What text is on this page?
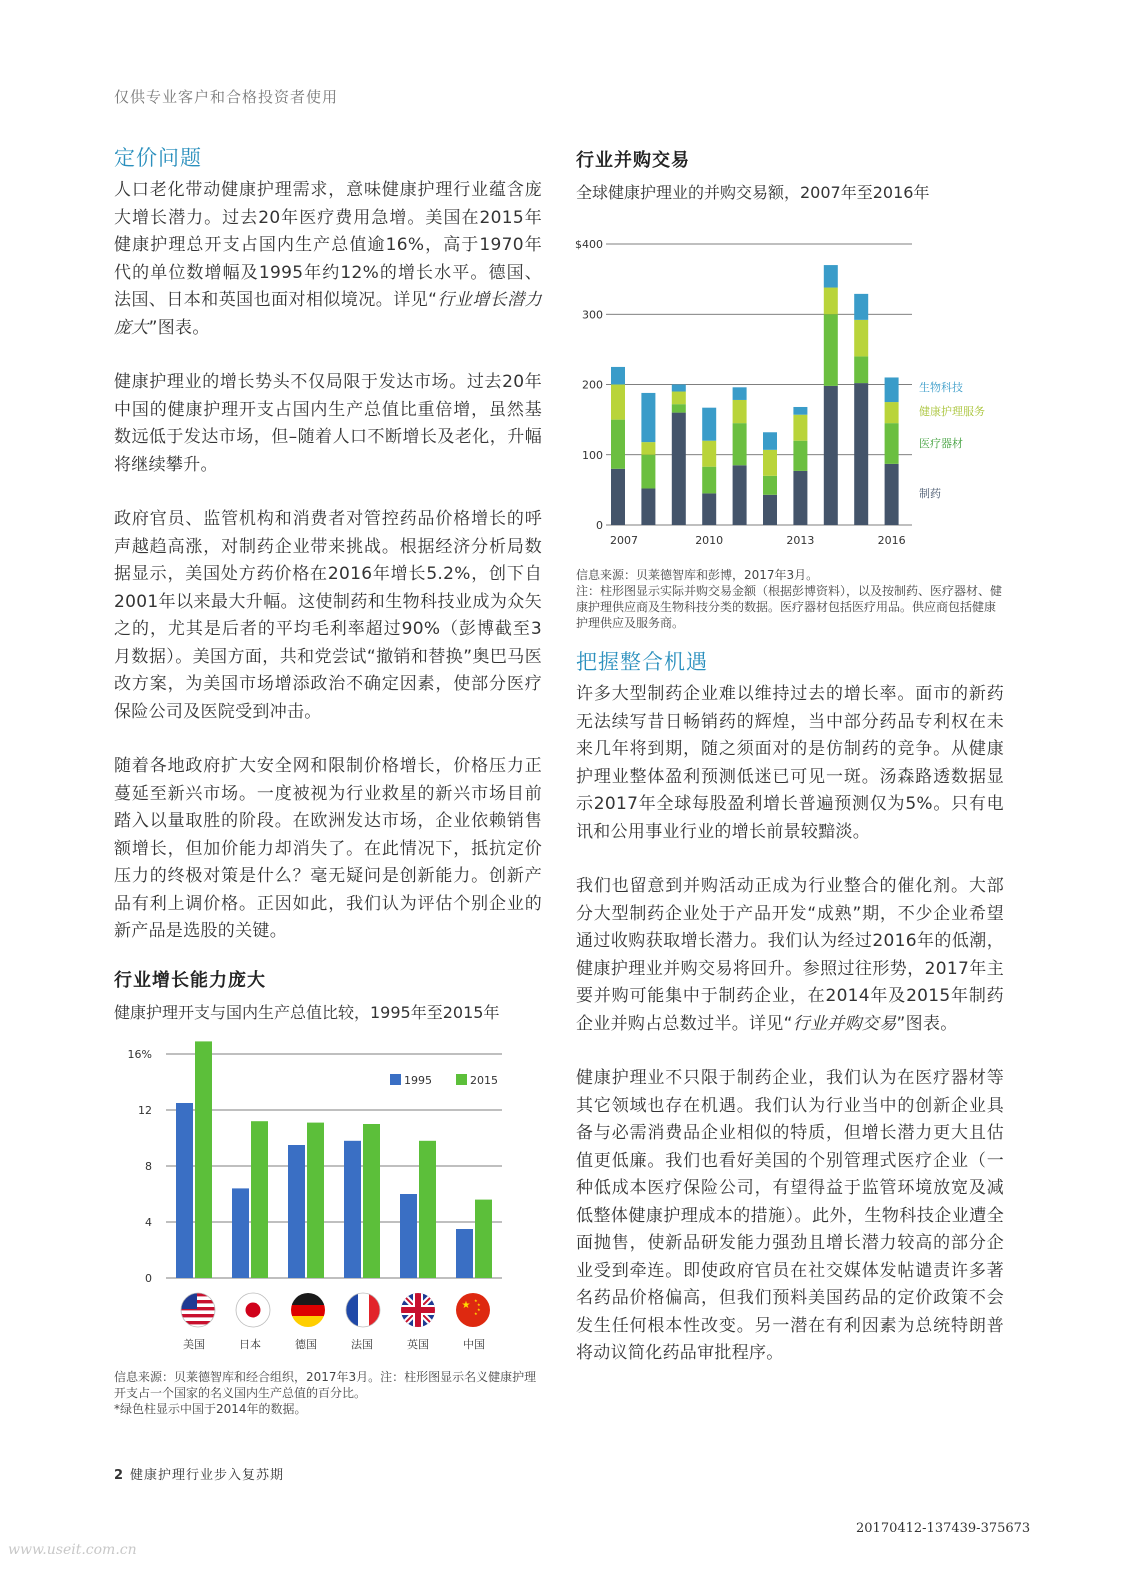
仅供专业客户和合格投资者使用
定价问题

人口老化带动健康护理需求，意味健康护理行业蕴含庞大增长潜力。过去20年医疗费用急增。美国在2015年健康护理总开支占国内生产总值逾16%，高于1970年代的单位数增幅及1995年约12%的增长水平。德国、法国、日本和英国也面对相似境况。详见“行业增长潜力庞大”图表。

健康护理业的增长势头不仅局限于发达市场。过去20年中国的健康护理开支占国内生产总值比重倍增，虽然基数远低于发达市场，但–随着人口不断增长及老化，升幅将继续攀升。

政府官员、监管机构和消费者对管控药品价格增长的呼声越趋高涨，对制药企业带来挑战。根据经济分析局数据显示，美国处方药价格在2016年增长5.2%，创下自2001年以来最大升幅。这使制药和生物科技业成为众矢之的，尤其是后者的平均毛利率超过90%（彭博截至3月数据）。美国方面，共和党尝试“撤销和替换”奥巴马医改方案，为美国市场增添政治不确定因素，使部分医疗保险公司及医院受到冲击。

随着各地政府扩大安全网和限制价格增长，价格压力正蔓延至新兴市场。一度被视为行业救星的新兴市场目前踏入以量取胜的阶段。在欧洲发达市场，企业依赖销售额增长，但加价能力却消失了。在此情况下，抵抗定价压力的终极对策是什么？毫无疑问是创新能力。创新产品有利上调价格。正因如此，我们认为评估个别企业的新产品是选股的关键。

行业增长能力庞大
健康护理开支与国内生产总值比较，1995年至2015年
0
4
8
12
16%
1995	2015
★ ★
★
★
★
美国	日本	德国	法国	英国	中国

信息来源：贝莱德智库和经合组织，2017年3月。注：柱形图显示名义健康护理开支占一个国家的名义国内生产总值的百分比。
*绿色柱显示中国于2014年的数据。

行业并购交易
全球健康护理业的并购交易额，2007年至2016年
0
100
200
300
$400
2007	2010	2013	2016
制药
医疗器材
健康护理服务
生物科技

信息来源：贝莱德智库和彭博，2017年3月。
注：柱形图显示实际并购交易金额（根据彭博资料），以及按制药、医疗器材、健康护理供应商及生物科技分类的数据。医疗器材包括医疗用品。供应商包括健康护理供应及服务商。

把握整合机遇

许多大型制药企业难以维持过去的增长率。面市的新药无法续写昔日畅销药的辉煌，当中部分药品专利权在未来几年将到期，随之须面对的是仿制药的竞争。从健康护理业整体盈利预测低迷已可见一斑。汤森路透数据显示2017年全球每股盈利增长普遍预测仅为5%。只有电讯和公用事业行业的增长前景较黯淡。

我们也留意到并购活动正成为行业整合的催化剂。大部分大型制药企业处于产品开发“成熟”期，不少企业希望通过收购获取增长潜力。我们认为经过2016年的低潮，健康护理业并购交易将回升。参照过往形势，2017年主要并购可能集中于制药企业，在2014年及2015年制药企业并购占总数过半。详见“行业并购交易”图表。

健康护理业不只限于制药企业，我们认为在医疗器材等其它领域也存在机遇。我们认为行业当中的创新企业具备与必需消费品企业相似的特质，但增长潜力更大且估值更低廉。我们也看好美国的个别管理式医疗企业（一种低成本医疗保险公司，有望得益于监管环境放宽及减低整体健康护理成本的措施）。此外，生物科技企业遭全面抛售，使新品研发能力强劲且增长潜力较高的部分企业受到牵连。即使政府官员在社交媒体发帖谴责许多著名药品价格偏高，但我们预料美国药品的定价政策不会发生任何根本性改变。另一潜在有利因素为总统特朗普将动议简化药品审批程序。

2 健康护理行业步入复苏期
20170412-137439-375673
www.useit.com.cn
